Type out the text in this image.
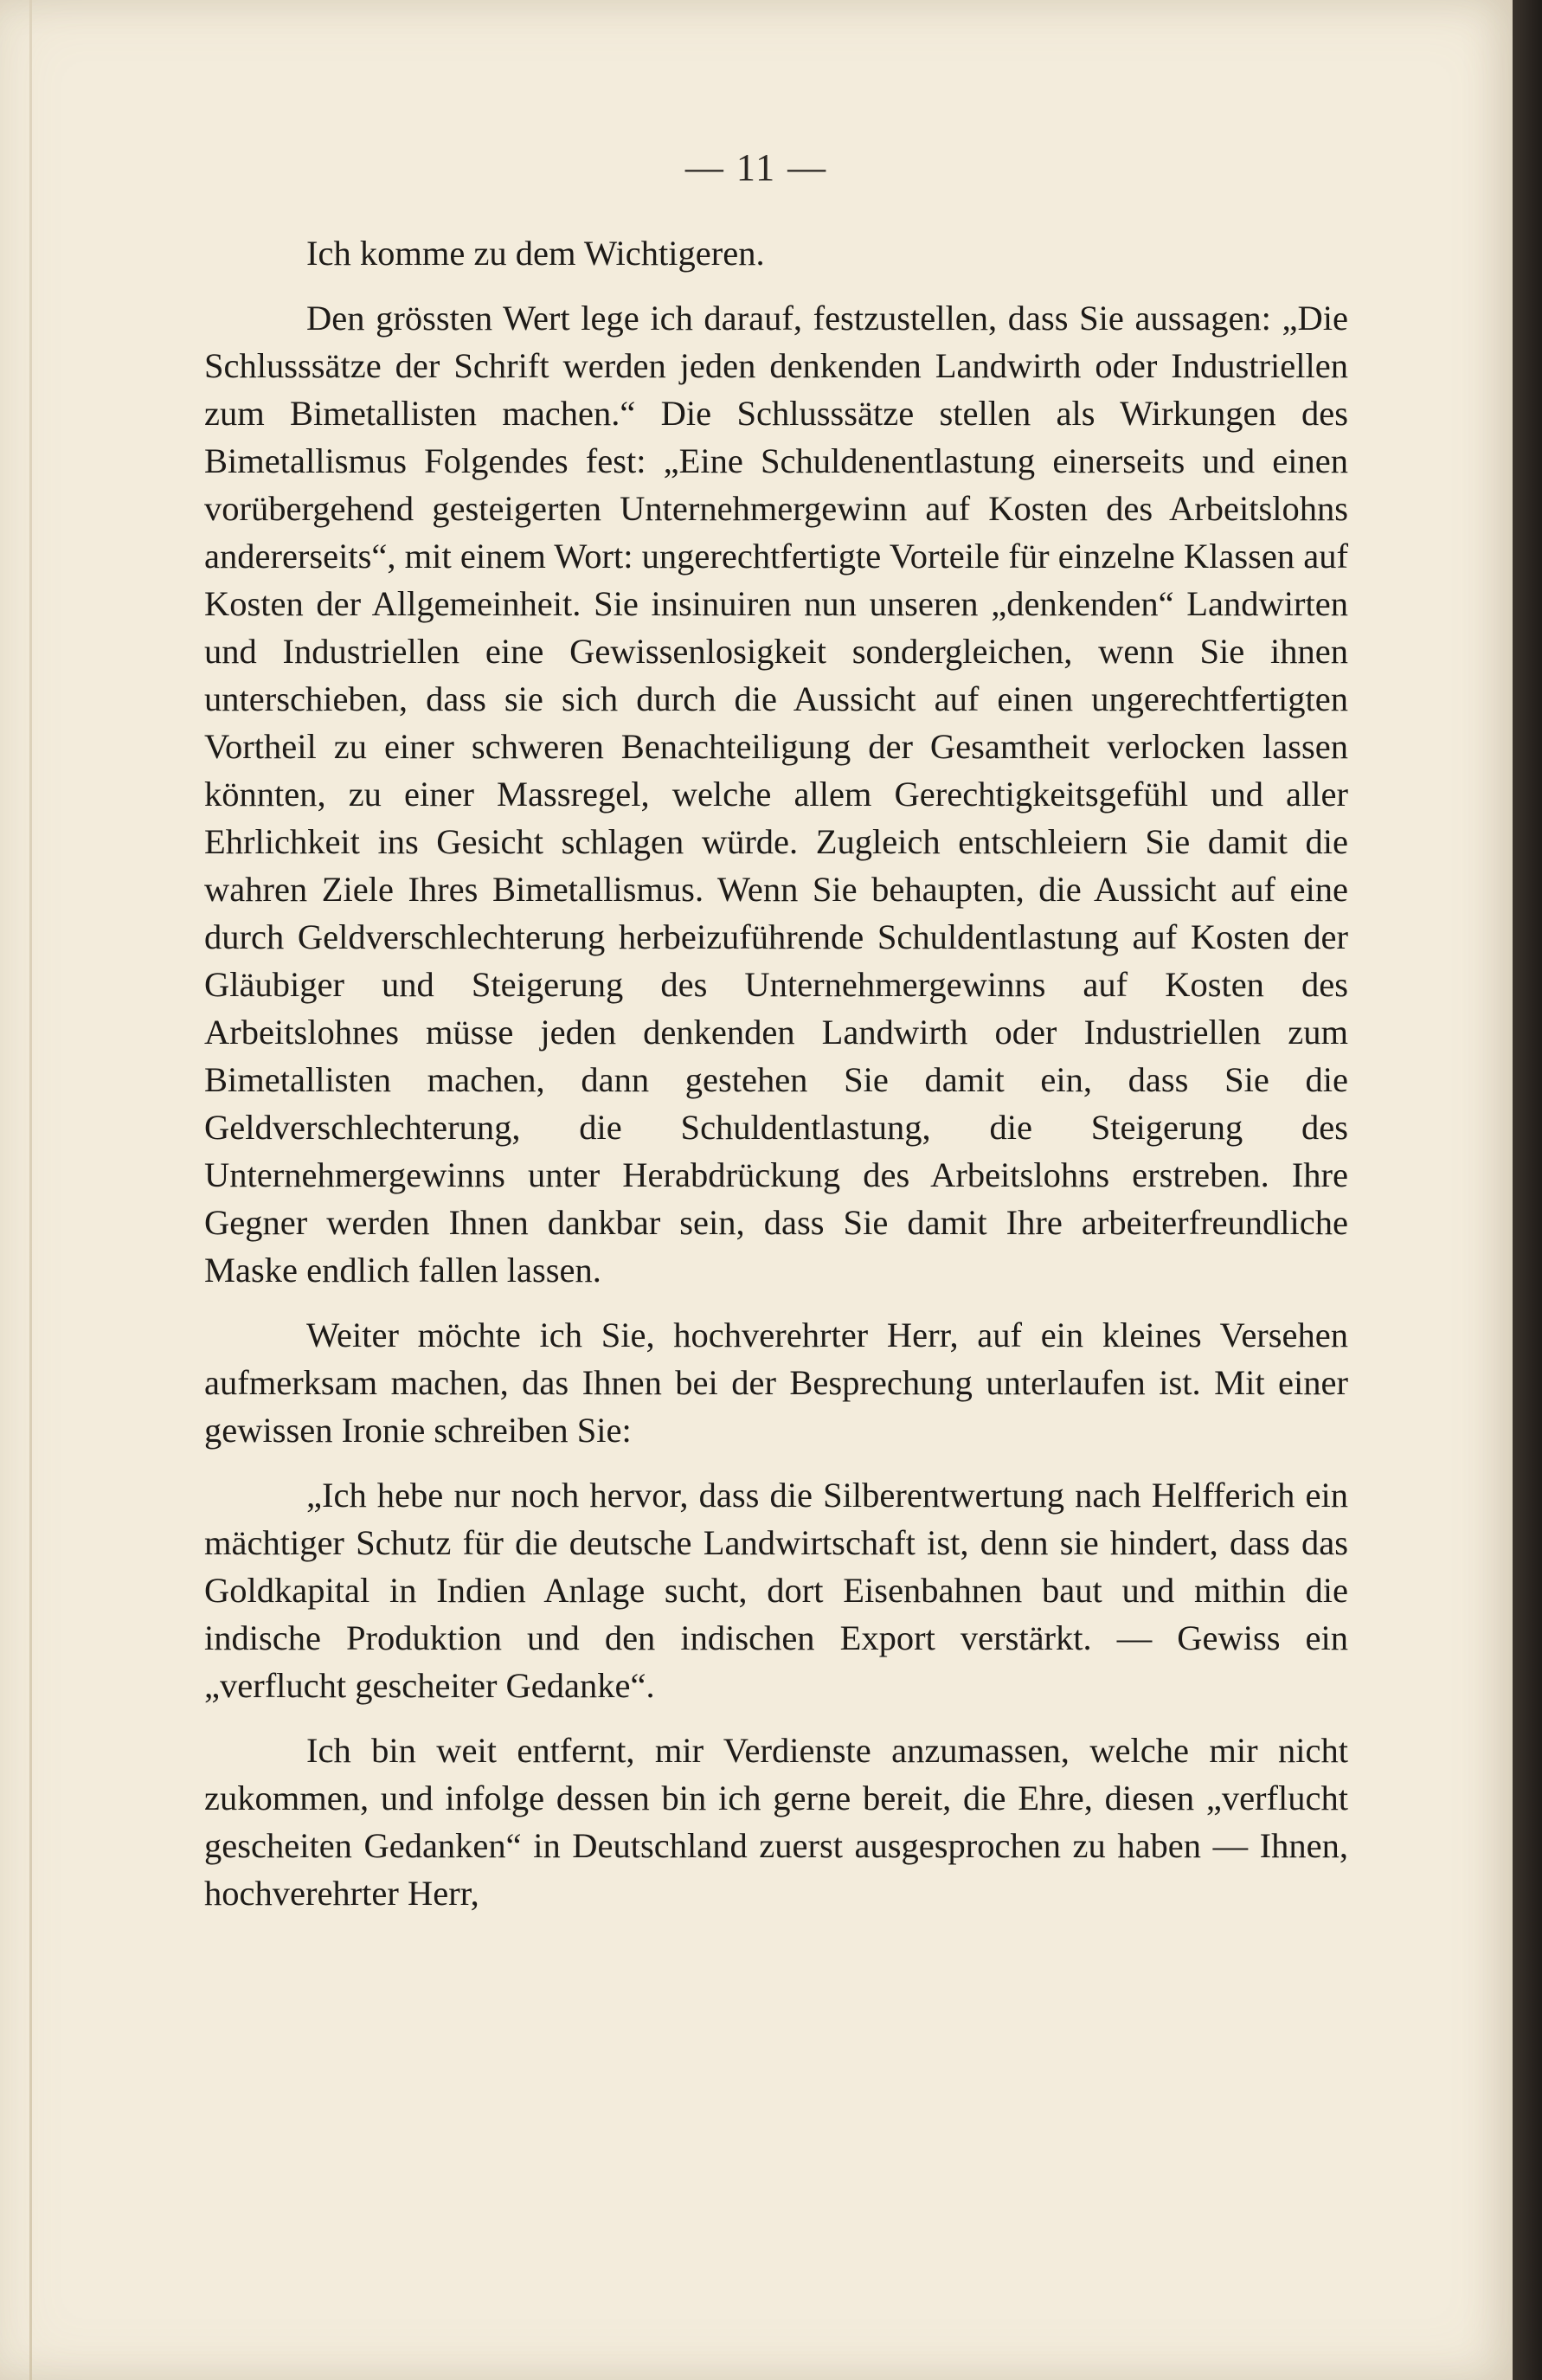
— 11 —

Ich komme zu dem Wichtigeren.

Den grössten Wert lege ich darauf, festzustellen, dass Sie aussagen: „Die Schlusssätze der Schrift werden jeden denkenden Landwirth oder Industriellen zum Bimetallisten machen.“ Die Schlusssätze stellen als Wirkungen des Bimetallismus Folgendes fest: „Eine Schuldenentlastung einerseits und einen vorübergehend gesteigerten Unternehmergewinn auf Kosten des Arbeitslohns andererseits“, mit einem Wort: ungerechtfertigte Vorteile für einzelne Klassen auf Kosten der Allgemeinheit. Sie insinuiren nun unseren „denkenden“ Landwirten und Industriellen eine Gewissenlosigkeit sondergleichen, wenn Sie ihnen unterschieben, dass sie sich durch die Aussicht auf einen ungerechtfertigten Vortheil zu einer schweren Benachteiligung der Gesamtheit verlocken lassen könnten, zu einer Massregel, welche allem Gerechtigkeitsgefühl und aller Ehrlichkeit ins Gesicht schlagen würde. Zugleich entschleiern Sie damit die wahren Ziele Ihres Bimetallismus. Wenn Sie behaupten, die Aussicht auf eine durch Geldverschlechterung herbeizuführende Schuldentlastung auf Kosten der Gläubiger und Steigerung des Unternehmergewinns auf Kosten des Arbeitslohnes müsse jeden denkenden Landwirth oder Industriellen zum Bimetallisten machen, dann gestehen Sie damit ein, dass Sie die Geldverschlechterung, die Schuldentlastung, die Steigerung des Unternehmergewinns unter Herabdrückung des Arbeitslohns erstreben. Ihre Gegner werden Ihnen dankbar sein, dass Sie damit Ihre arbeiterfreundliche Maske endlich fallen lassen.

Weiter möchte ich Sie, hochverehrter Herr, auf ein kleines Versehen aufmerksam machen, das Ihnen bei der Besprechung unterlaufen ist. Mit einer gewissen Ironie schreiben Sie:

„Ich hebe nur noch hervor, dass die Silberentwertung nach Helfferich ein mächtiger Schutz für die deutsche Landwirtschaft ist, denn sie hindert, dass das Goldkapital in Indien Anlage sucht, dort Eisenbahnen baut und mithin die indische Produktion und den indischen Export verstärkt. — Gewiss ein „verflucht gescheiter Gedanke“.

Ich bin weit entfernt, mir Verdienste anzumassen, welche mir nicht zukommen, und infolge dessen bin ich gerne bereit, die Ehre, diesen „verflucht gescheiten Gedanken“ in Deutschland zuerst ausgesprochen zu haben — Ihnen, hochverehrter Herr,
